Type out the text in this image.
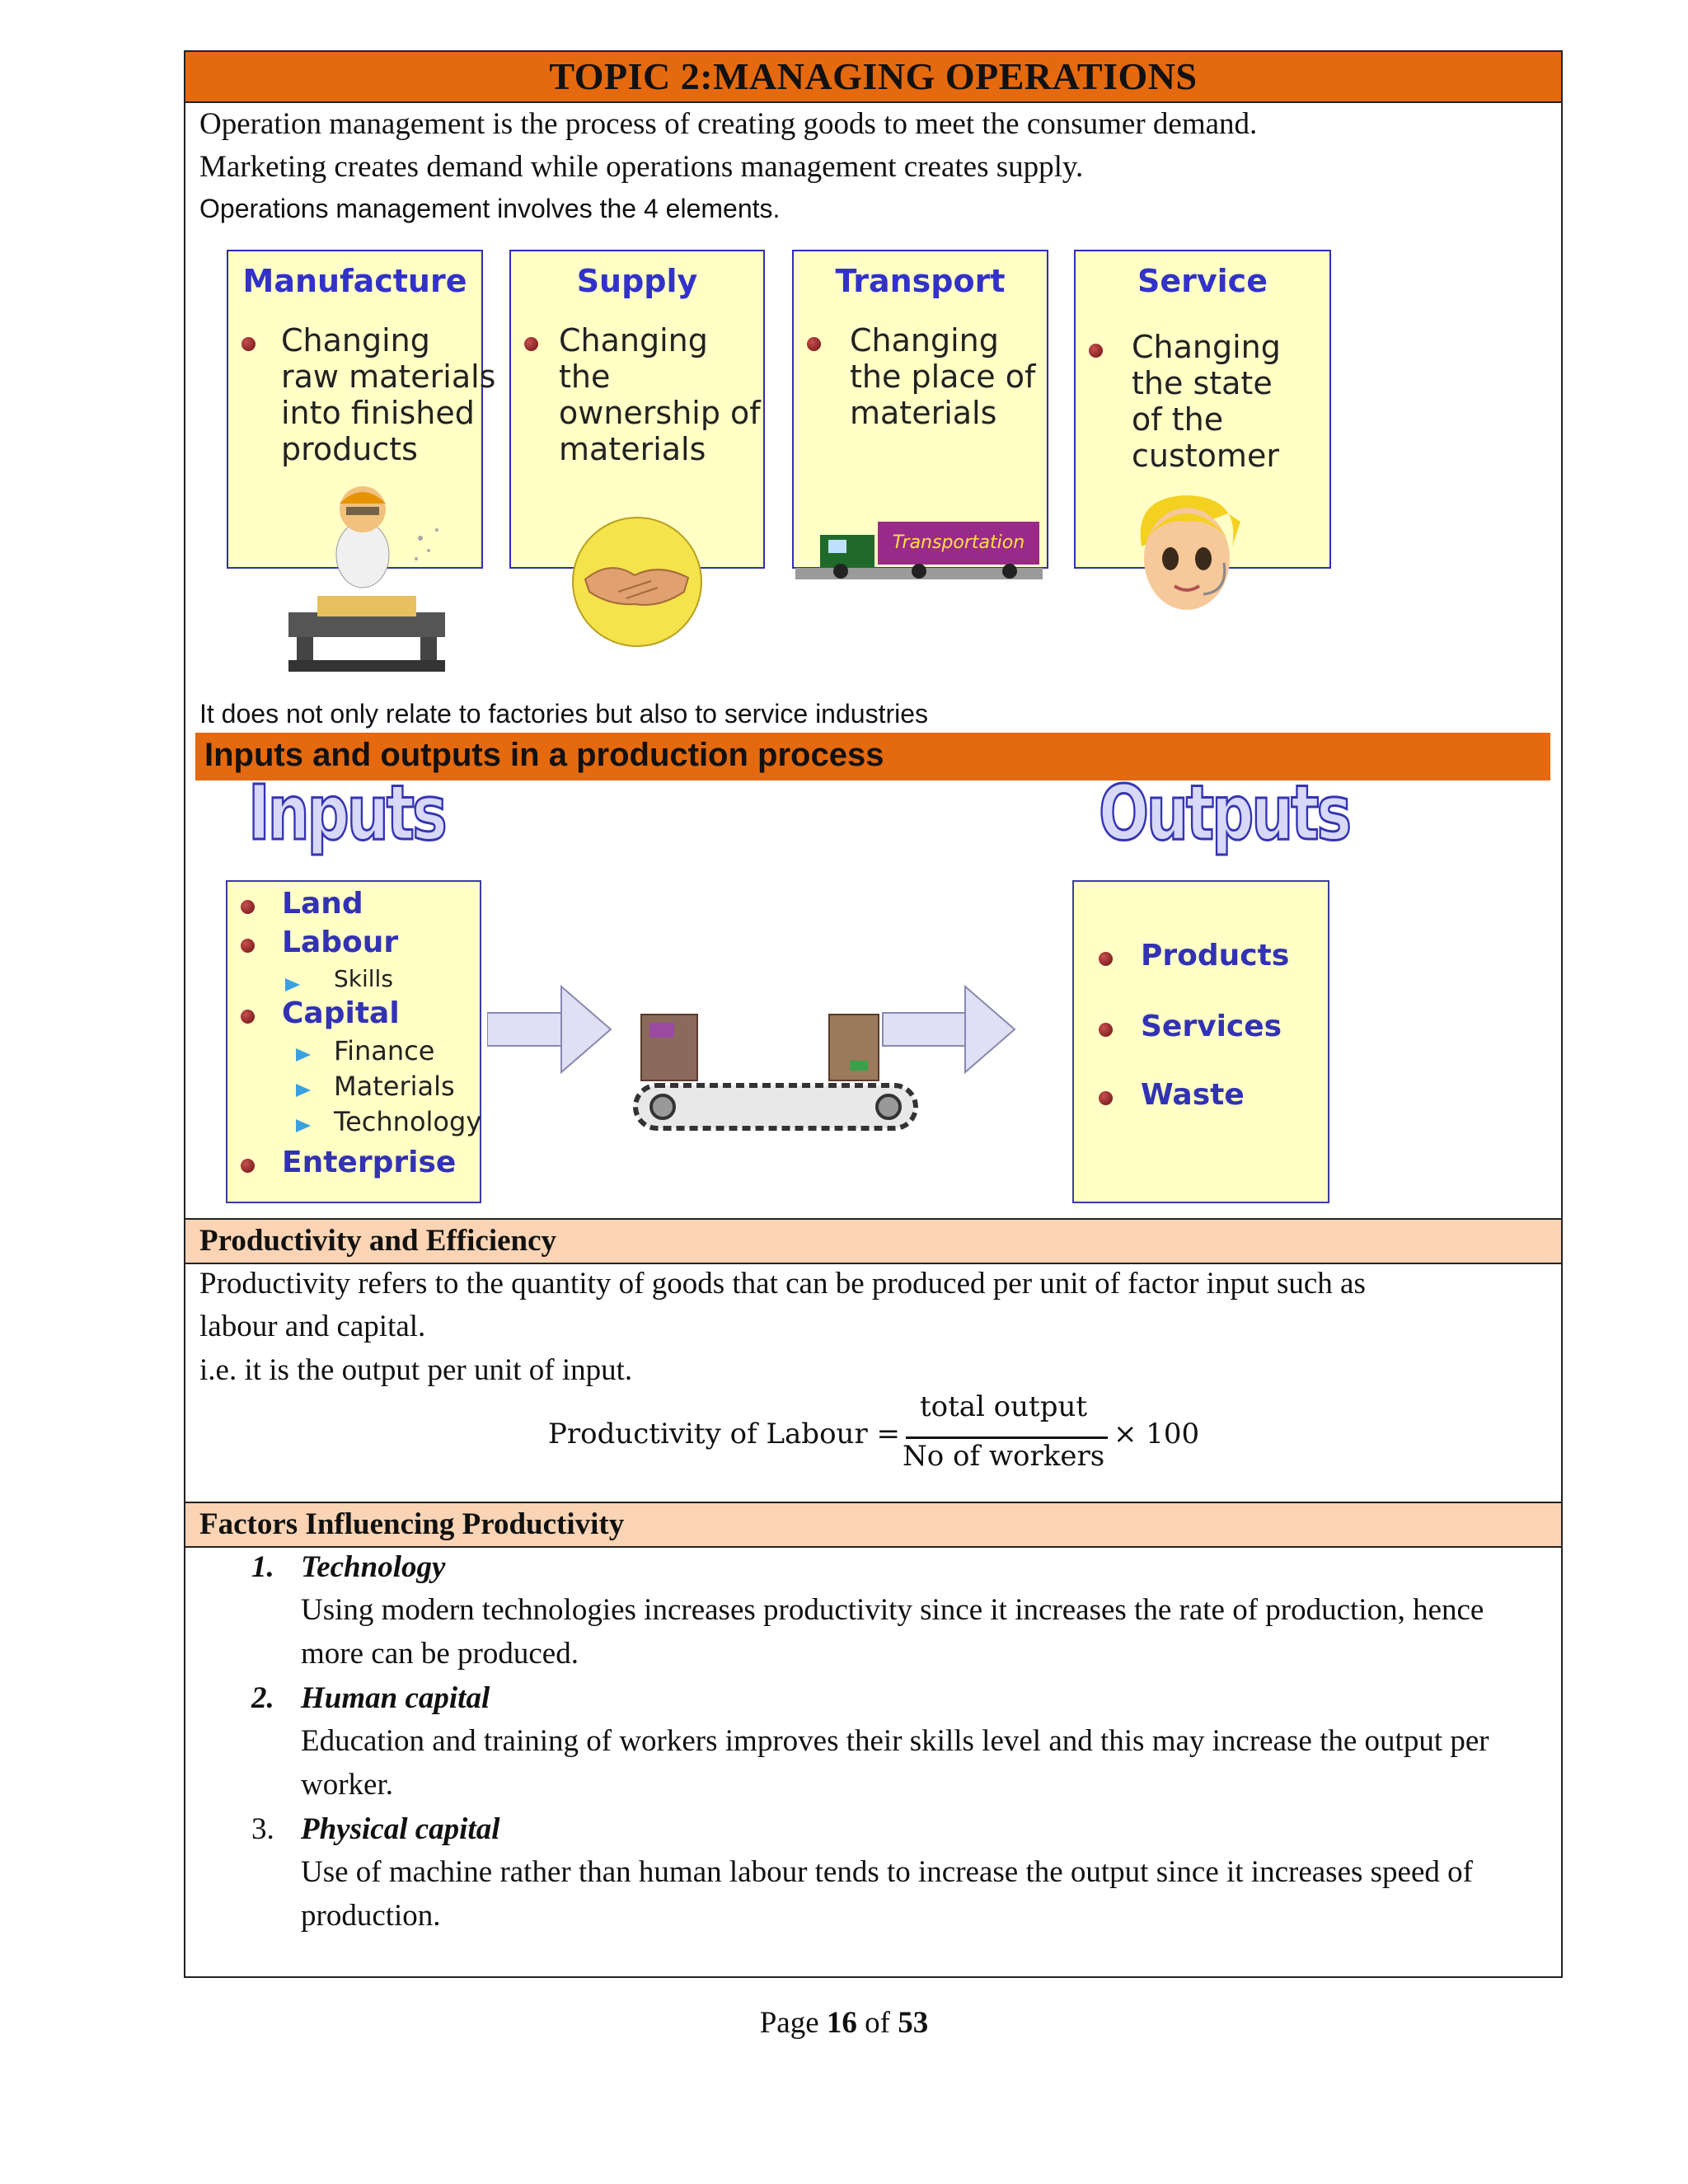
TOPIC 2:MANAGING OPERATIONS
Operation management is the process of creating goods to meet the consumer demand.
Marketing creates demand while operations management creates supply.
Operations management involves the 4 elements.
Manufacture
Changing
raw materials
into finished
products
Supply
Changing
the
ownership of
materials
Transport
Changing
the place of
materials
Transportation
Service
Changing
the state
of the
customer
It does not only relate to factories but also to service industries
Inputs and outputs in a production process
Inputs	Outputs
Land
Labour
Skills
Capital
Finance
Materials
Technology
Enterprise
Products
Services
Waste
Productivity and Efficiency
Productivity refers to the quantity of goods that can be produced per unit of factor input such as
labour and capital.
i.e. it is the output per unit of input.
Productivity of Labour =
total output
No of workers
× 100
Factors Influencing Productivity
1. Technology
Using modern technologies increases productivity since it increases the rate of production, hence more can be produced.
2. Human capital
Education and training of workers improves their skills level and this may increase the output per worker.
3. Physical capital
Use of machine rather than human labour tends to increase the output since it increases speed of production.
Page 16 of 53
